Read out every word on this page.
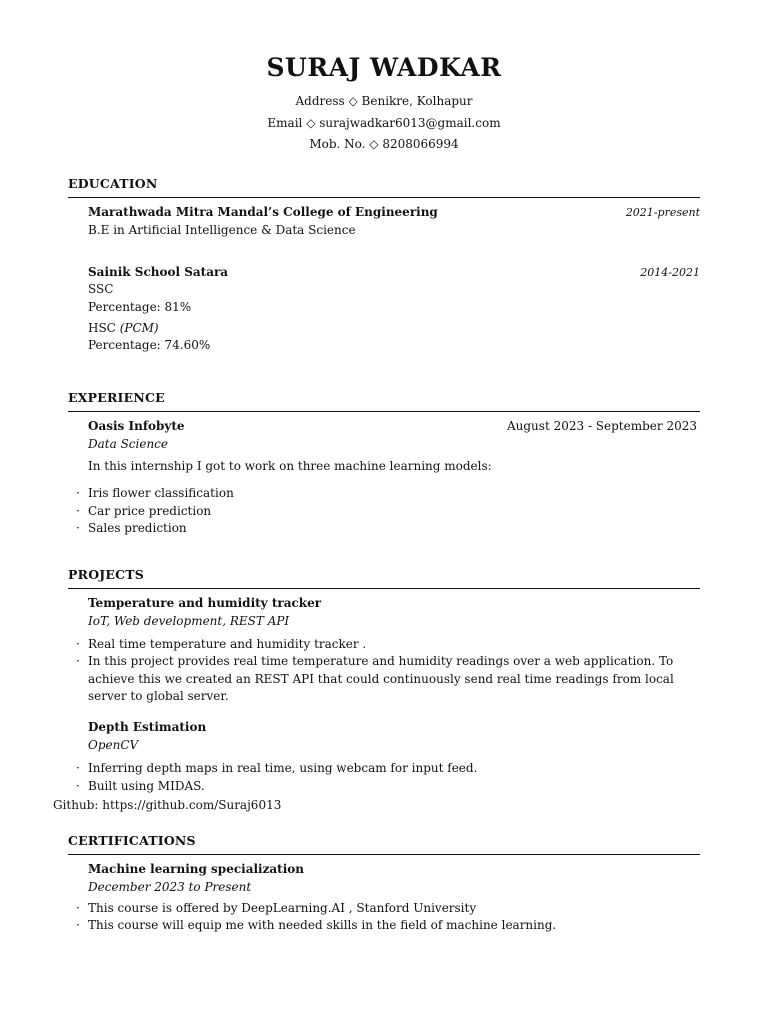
SURAJ WADKAR
Address ◇ Benikre, Kolhapur
Email ◇ surajwadkar6013@gmail.com
Mob. No. ◇ 8208066994
EDUCATION
Marathwada Mitra Mandal’s College of Engineering	2021-present
B.E in Artificial Intelligence & Data Science
Sainik School Satara	2014-2021
SSC
Percentage: 81%
HSC (PCM)
Percentage: 74.60%
EXPERIENCE
Oasis Infobyte	August 2023 - September 2023
Data Science
In this internship I got to work on three machine learning models:
· Iris flower classification
· Car price prediction
· Sales prediction
PROJECTS
Temperature and humidity tracker
IoT, Web development, REST API
· Real time temperature and humidity tracker .
· In this project provides real time temperature and humidity readings over a web application. To achieve this we created an REST API that could continuously send real time readings from local server to global server.
Depth Estimation
OpenCV
· Inferring depth maps in real time, using webcam for input feed.
· Built using MIDAS.
Github: https://github.com/Suraj6013
CERTIFICATIONS
Machine learning specialization
December 2023 to Present
· This course is offered by DeepLearning.AI , Stanford University
· This course will equip me with needed skills in the field of machine learning.
